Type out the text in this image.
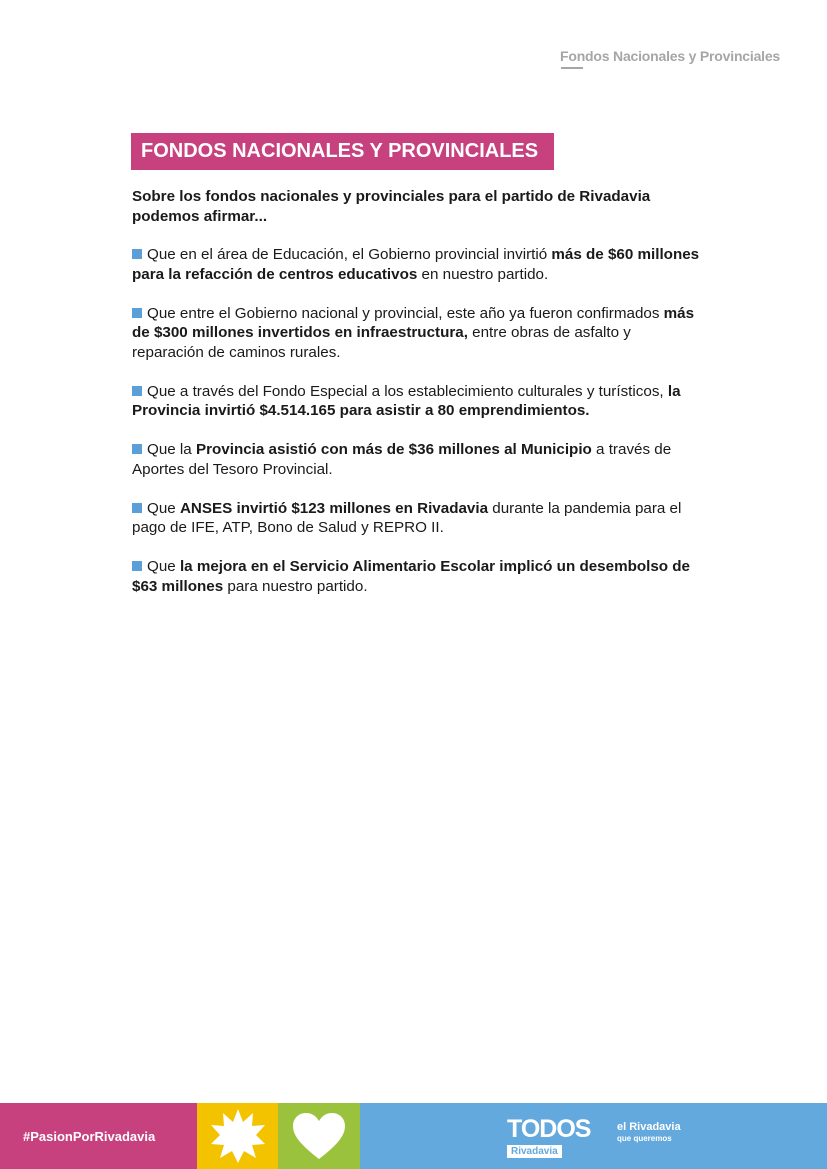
Fondos Nacionales y Provinciales
FONDOS NACIONALES Y PROVINCIALES

Sobre los fondos nacionales y provinciales para el partido de Rivadavia podemos afirmar...

Que en el área de Educación, el Gobierno provincial invirtió más de $60 millones para la refacción de centros educativos en nuestro partido.

Que entre el Gobierno nacional y provincial, este año ya fueron confirmados más de $300 millones invertidos en infraestructura, entre obras de asfalto y reparación de caminos rurales.

Que a través del Fondo Especial a los establecimiento culturales y turísticos, la Provincia invirtió $4.514.165 para asistir a 80 emprendimientos.

Que la Provincia asistió con más de $36 millones al Municipio a través de Aportes del Tesoro Provincial.

Que ANSES invirtió $123 millones en Rivadavia durante la pandemia para el pago de IFE, ATP, Bono de Salud y REPRO II.

Que la mejora en el Servicio Alimentario Escolar implicó un desembolso de $63 millones para nuestro partido.

#PasionPorRivadavia	TODOS
Rivadavia
el Rivadavia
que queremos
